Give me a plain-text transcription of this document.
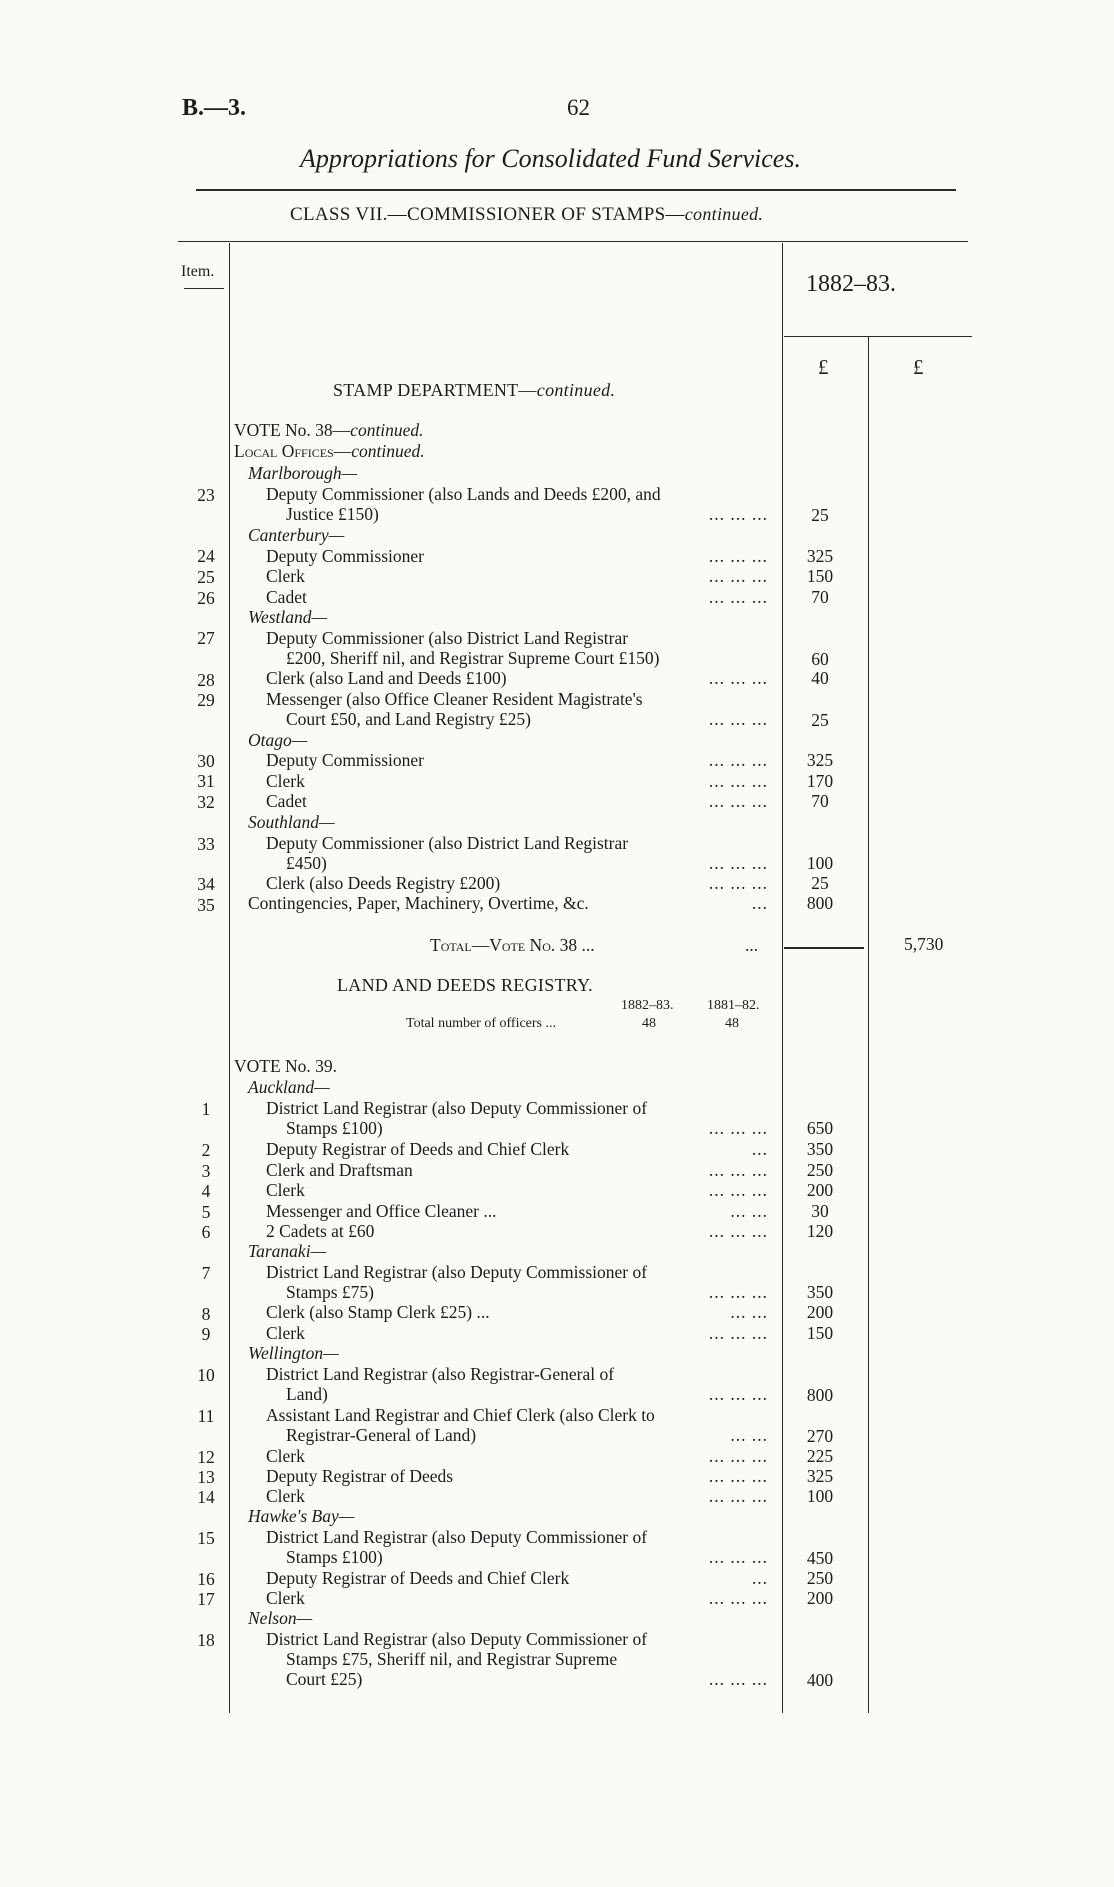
B.—3.	62
Appropriations for Consolidated Fund Services.
CLASS VII.—COMMISSIONER OF STAMPS—continued.
Item.	1882–83.
£	£
STAMP DEPARTMENT—continued.
VOTE No. 38—continued.
Local Offices—continued.
Marlborough—
23	Deputy Commissioner (also Lands and Deeds £200, and
Justice £150)	... ... ...	25
Canterbury—
24	Deputy Commissioner	... ... ...	325
25	Clerk	... ... ...	150
26	Cadet	... ... ...	70
Westland—
27	Deputy Commissioner (also District Land Registrar
£200, Sheriff nil, and Registrar Supreme Court £150)	60
28	Clerk (also Land and Deeds £100)	... ... ...	40
29	Messenger (also Office Cleaner Resident Magistrate's
Court £50, and Land Registry £25)	... ... ...	25
Otago—
30	Deputy Commissioner	... ... ...	325
31	Clerk	... ... ...	170
32	Cadet	... ... ...	70
Southland—
33	Deputy Commissioner (also District Land Registrar
£450)	... ... ...	100
34	Clerk (also Deeds Registry £200)	... ... ...	25
35	Contingencies, Paper, Machinery, Overtime, &c.	...	800
Total—Vote No. 38 ...	...	5,730
LAND AND DEEDS REGISTRY.
1882–83. 1881–82.
Total number of officers ...	48	48
VOTE No. 39.
Auckland—
1	District Land Registrar (also Deputy Commissioner of
Stamps £100)	... ... ...	650
2	Deputy Registrar of Deeds and Chief Clerk	...	350
3	Clerk and Draftsman	... ... ...	250
4	Clerk	... ... ...	200
5	Messenger and Office Cleaner ...	... ...	30
6	2 Cadets at £60	... ... ...	120
Taranaki—
7	District Land Registrar (also Deputy Commissioner of
Stamps £75)	... ... ...	350
8	Clerk (also Stamp Clerk £25) ...	... ...	200
9	Clerk	... ... ...	150
Wellington—
10	District Land Registrar (also Registrar-General of
Land)	... ... ...	800
11	Assistant Land Registrar and Chief Clerk (also Clerk to
Registrar-General of Land)	... ...	270
12	Clerk	... ... ...	225
13	Deputy Registrar of Deeds	... ... ...	325
14	Clerk	... ... ...	100
Hawke's Bay—
15	District Land Registrar (also Deputy Commissioner of
Stamps £100)	... ... ...	450
16	Deputy Registrar of Deeds and Chief Clerk	...	250
17	Clerk	... ... ...	200
Nelson—
18	District Land Registrar (also Deputy Commissioner of
Stamps £75, Sheriff nil, and Registrar Supreme
Court £25)	... ... ...	400
